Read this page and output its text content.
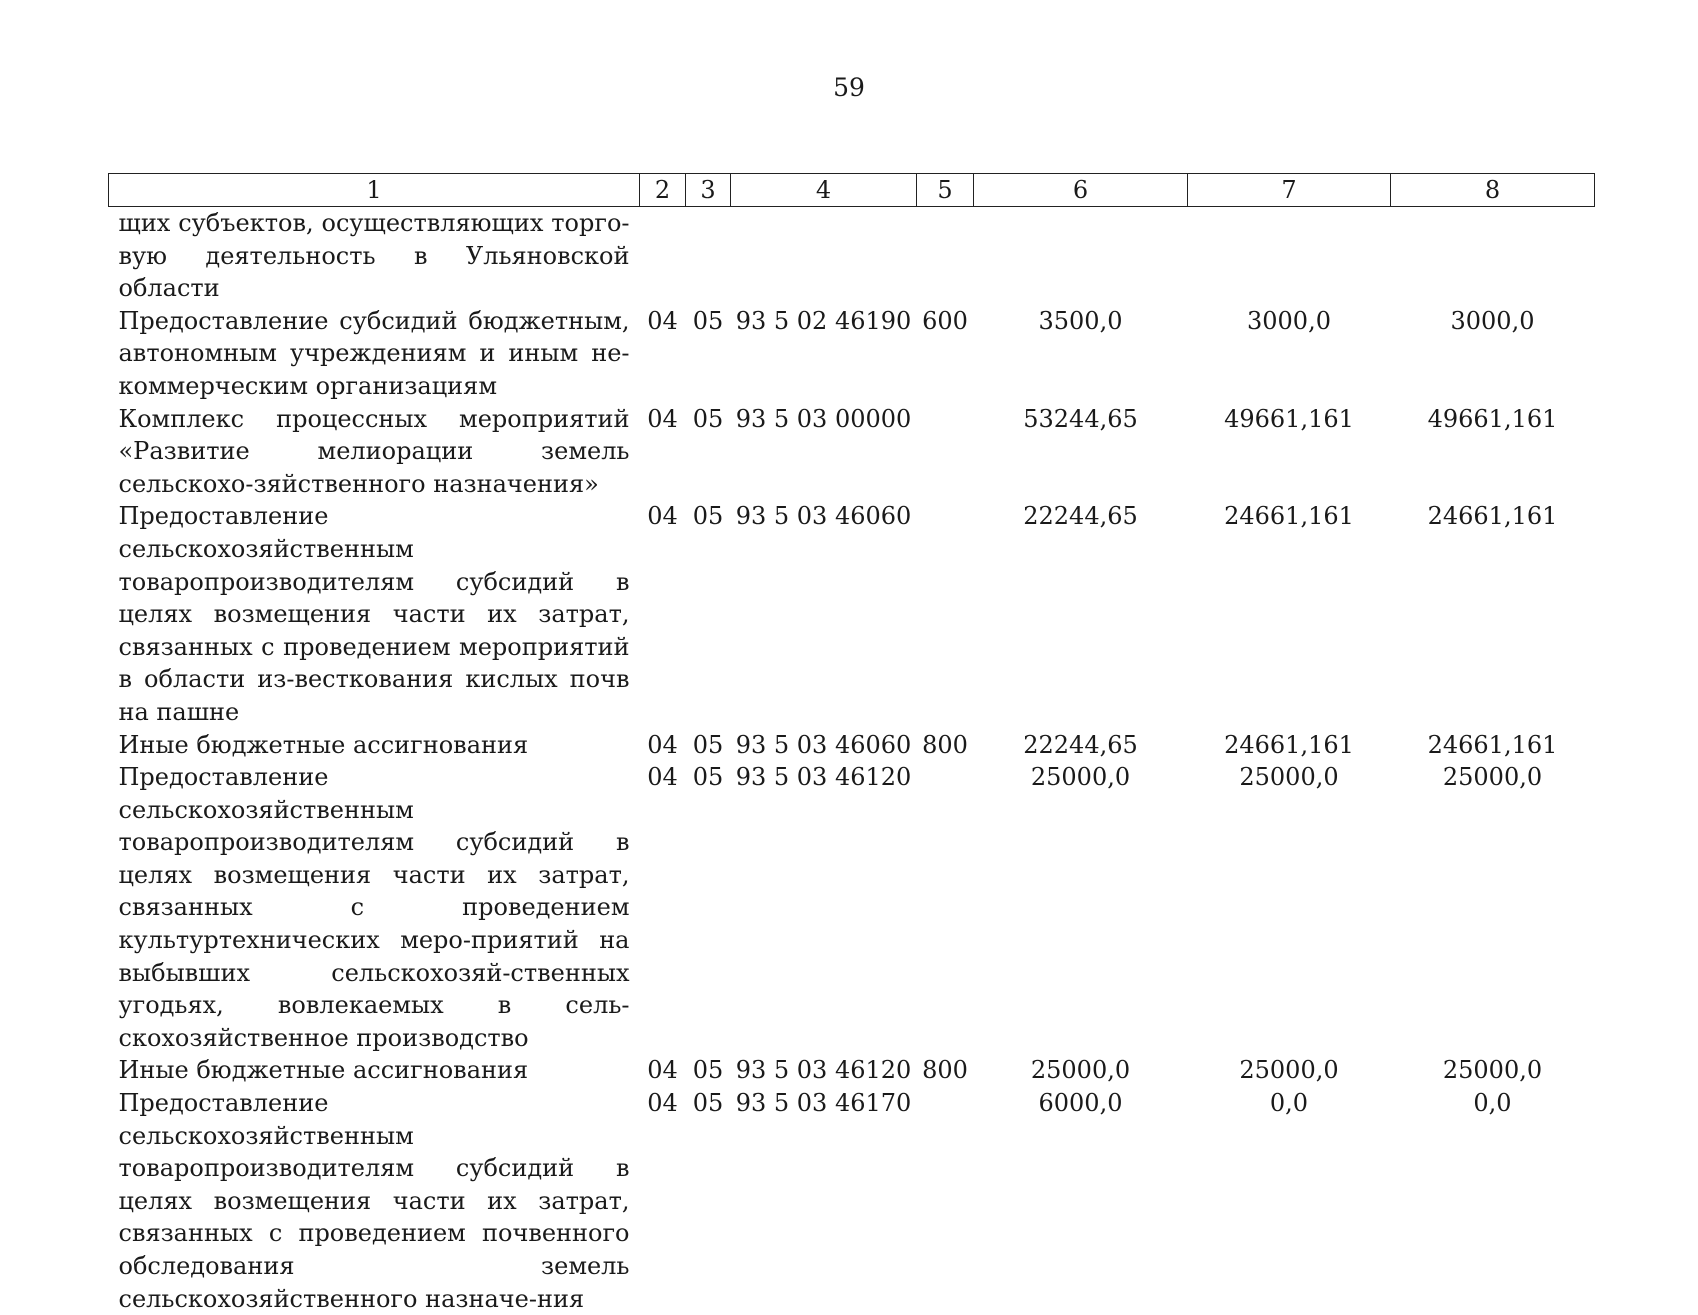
59
1	2	3	4	5	6	7	8
щих субъектов, осуществляющих торго-вую деятельность в Ульяновской области							
Предоставление субсидий бюджетным, автономным учреждениям и иным не-коммерческим организациям	04	05	93 5 02 46190	600	3500,0	3000,0	3000,0
Комплекс процессных мероприятий «Развитие мелиорации земель сельскохо-зяйственного назначения»	04	05	93 5 03 00000		53244,65	49661,161	49661,161
Предоставление сельскохозяйственным товаропроизводителям субсидий в целях возмещения части их затрат, связанных с проведением мероприятий в области из-весткования кислых почв на пашне	04	05	93 5 03 46060		22244,65	24661,161	24661,161
Иные бюджетные ассигнования	04	05	93 5 03 46060	800	22244,65	24661,161	24661,161
Предоставление сельскохозяйственным товаропроизводителям субсидий в целях возмещения части их затрат, связанных с проведением культуртехнических меро-приятий на выбывших сельскохозяй-ственных угодьях, вовлекаемых в сель-скохозяйственное производство	04	05	93 5 03 46120		25000,0	25000,0	25000,0
Иные бюджетные ассигнования	04	05	93 5 03 46120	800	25000,0	25000,0	25000,0
Предоставление сельскохозяйственным товаропроизводителям субсидий в целях возмещения части их затрат, связанных с проведением почвенного обследования земель сельскохозяйственного назначе-ния	04	05	93 5 03 46170		6000,0	0,0	0,0
